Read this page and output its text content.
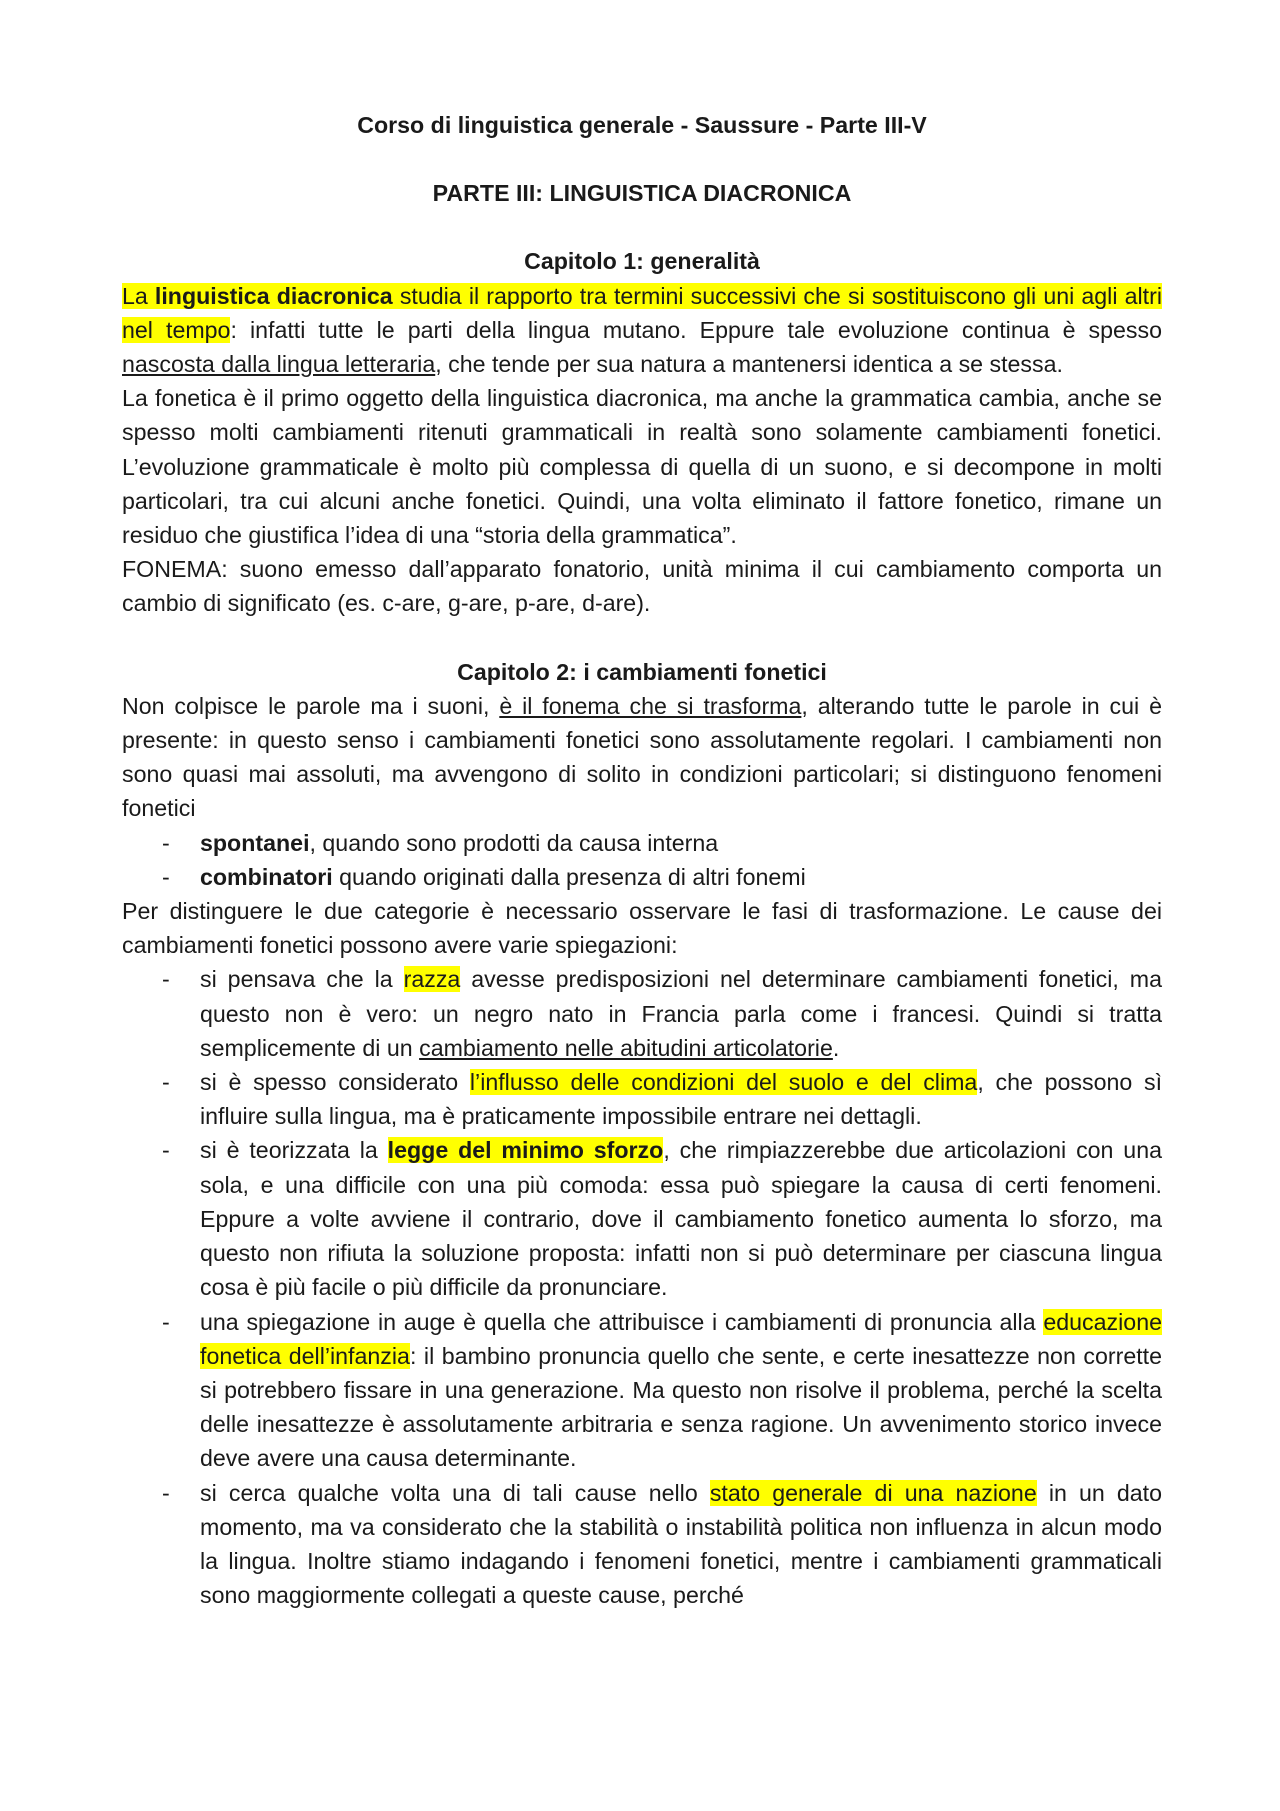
Corso di linguistica generale - Saussure - Parte III-V

PARTE III: LINGUISTICA DIACRONICA

Capitolo 1: generalità

La linguistica diacronica studia il rapporto tra termini successivi che si sostituiscono gli uni agli altri nel tempo: infatti tutte le parti della lingua mutano. Eppure tale evoluzione continua è spesso nascosta dalla lingua letteraria, che tende per sua natura a mantenersi identica a se stessa.

La fonetica è il primo oggetto della linguistica diacronica, ma anche la grammatica cambia, anche se spesso molti cambiamenti ritenuti grammaticali in realtà sono solamente cambiamenti fonetici. L’evoluzione grammaticale è molto più complessa di quella di un suono, e si decompone in molti particolari, tra cui alcuni anche fonetici. Quindi, una volta eliminato il fattore fonetico, rimane un residuo che giustifica l’idea di una “storia della grammatica”.

FONEMA: suono emesso dall’apparato fonatorio, unità minima il cui cambiamento comporta un cambio di significato (es. c-are, g-are, p-are, d-are).

Capitolo 2: i cambiamenti fonetici

Non colpisce le parole ma i suoni, è il fonema che si trasforma, alterando tutte le parole in cui è presente: in questo senso i cambiamenti fonetici sono assolutamente regolari. I cambiamenti non sono quasi mai assoluti, ma avvengono di solito in condizioni particolari; si distinguono fenomeni fonetici

- spontanei, quando sono prodotti da causa interna
- combinatori quando originati dalla presenza di altri fonemi

Per distinguere le due categorie è necessario osservare le fasi di trasformazione. Le cause dei cambiamenti fonetici possono avere varie spiegazioni:

- si pensava che la razza avesse predisposizioni nel determinare cambiamenti fonetici, ma questo non è vero: un negro nato in Francia parla come i francesi. Quindi si tratta semplicemente di un cambiamento nelle abitudini articolatorie.
- si è spesso considerato l’influsso delle condizioni del suolo e del clima, che possono sì influire sulla lingua, ma è praticamente impossibile entrare nei dettagli.
- si è teorizzata la legge del minimo sforzo, che rimpiazzerebbe due articolazioni con una sola, e una difficile con una più comoda: essa può spiegare la causa di certi fenomeni. Eppure a volte avviene il contrario, dove il cambiamento fonetico aumenta lo sforzo, ma questo non rifiuta la soluzione proposta: infatti non si può determinare per ciascuna lingua cosa è più facile o più difficile da pronunciare.
- una spiegazione in auge è quella che attribuisce i cambiamenti di pronuncia alla educazione fonetica dell’infanzia: il bambino pronuncia quello che sente, e certe inesattezze non corrette si potrebbero fissare in una generazione. Ma questo non risolve il problema, perché la scelta delle inesattezze è assolutamente arbitraria e senza ragione. Un avvenimento storico invece deve avere una causa determinante.
- si cerca qualche volta una di tali cause nello stato generale di una nazione in un dato momento, ma va considerato che la stabilità o instabilità politica non influenza in alcun modo la lingua. Inoltre stiamo indagando i fenomeni fonetici, mentre i cambiamenti grammaticali sono maggiormente collegati a queste cause, perché
